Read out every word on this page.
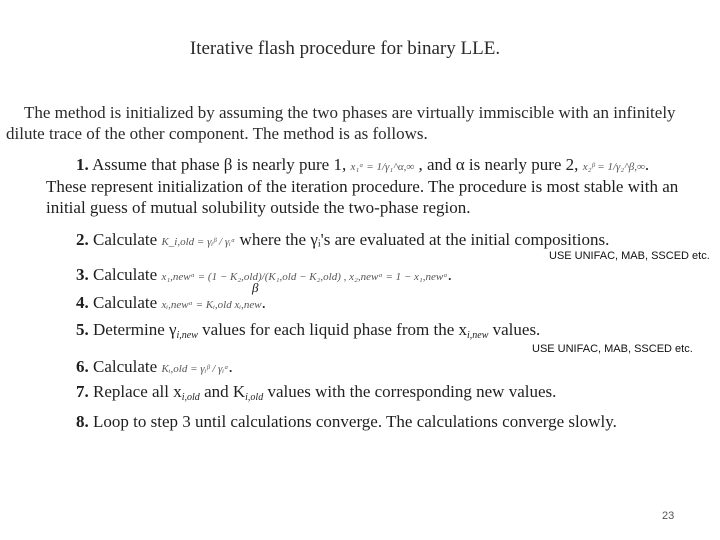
Iterative flash procedure for binary LLE.
The method is initialized by assuming the two phases are virtually immiscible with an infinitely
dilute trace of the other component. The method is as follows.
1. Assume that phase β is nearly pure 1, x₁ᵅ = 1/γ₁^α,∞ , and α is nearly pure 2, x₂ᵝ = 1/γ₂^β,∞.
These represent initialization of the iteration procedure. The procedure is most stable with an initial guess of mutual solubility outside the two-phase region.
2. Calculate K_i,old = γᵢᵝ / γᵢᵅ where the γᵢ's are evaluated at the initial compositions.
3. Calculate x₁,newᵅ = (1 − K₂,old)/(K₁,old − K₂,old) , x₂,newᵅ = 1 − x₁,newᵅ.
β
4. Calculate xᵢ,newᵅ = Kᵢ,old xᵢ,new.
5. Determine $\gamma_{i,new}$ values for each liquid phase from the $x_{i,new}$ values.
6. Calculate Kᵢ,old = γᵢᵝ / γᵢᵅ.
7. Replace all $x_{i,old}$ and $K_{i,old}$ values with the corresponding new values.
8. Loop to step 3 until calculations converge. The calculations converge slowly.
USE UNIFAC, MAB, SSCED etc.
USE UNIFAC, MAB, SSCED etc.
23
